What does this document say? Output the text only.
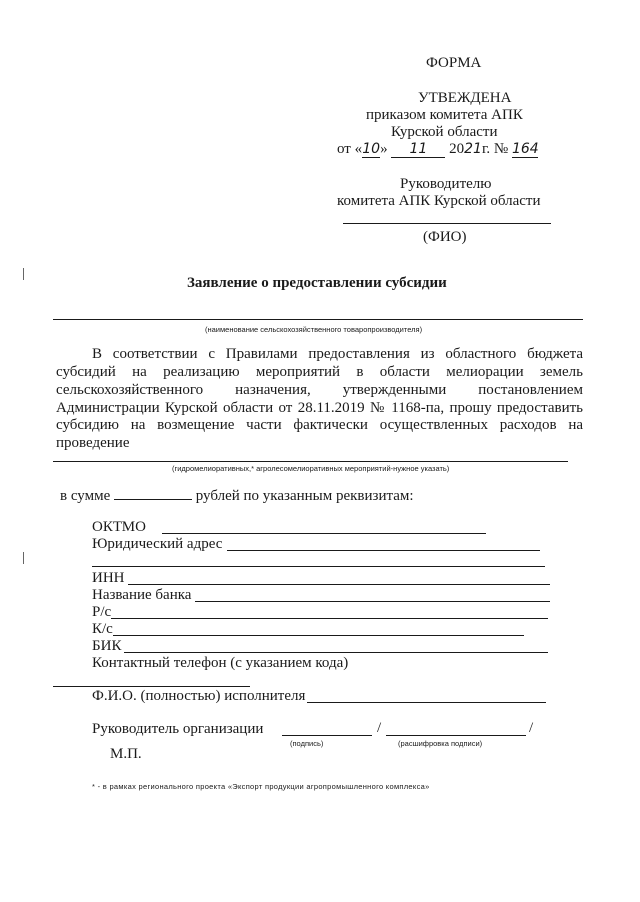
ФОРМА
УТВЕЖДЕНА
приказом комитета АПК
Курской области
от «10» 11 2021г. № 164
Руководителю
комитета АПК Курской области
(ФИО)
Заявление о предоставлении субсидии
(наименование сельскохозяйственного товаропроизводителя)
В соответствии с Правилами предоставления из областного бюджета
субсидий на реализацию мероприятий в области мелиорации земель
сельскохозяйственного назначения, утвержденными постановлением
Администрации Курской области от 28.11.2019 № 1168-па, прошу предоставить
субсидию на возмещение части фактически осуществленных расходов на
проведение
(гидромелиоративных,* агролесомелиоративных мероприятий-нужное указать)
в сумме	рублей по указанным реквизитам:
ОКТМО
Юридический адрес
ИНН
Название банка
Р/с
К/с
БИК
Контактный телефон (с указанием кода)
Ф.И.О. (полностью) исполнителя
Руководитель организации	/	/
(подпись)	(расшифровка подписи)
М.П.
* - в рамках регионального проекта «Экспорт продукции агропромышленного комплекса»
